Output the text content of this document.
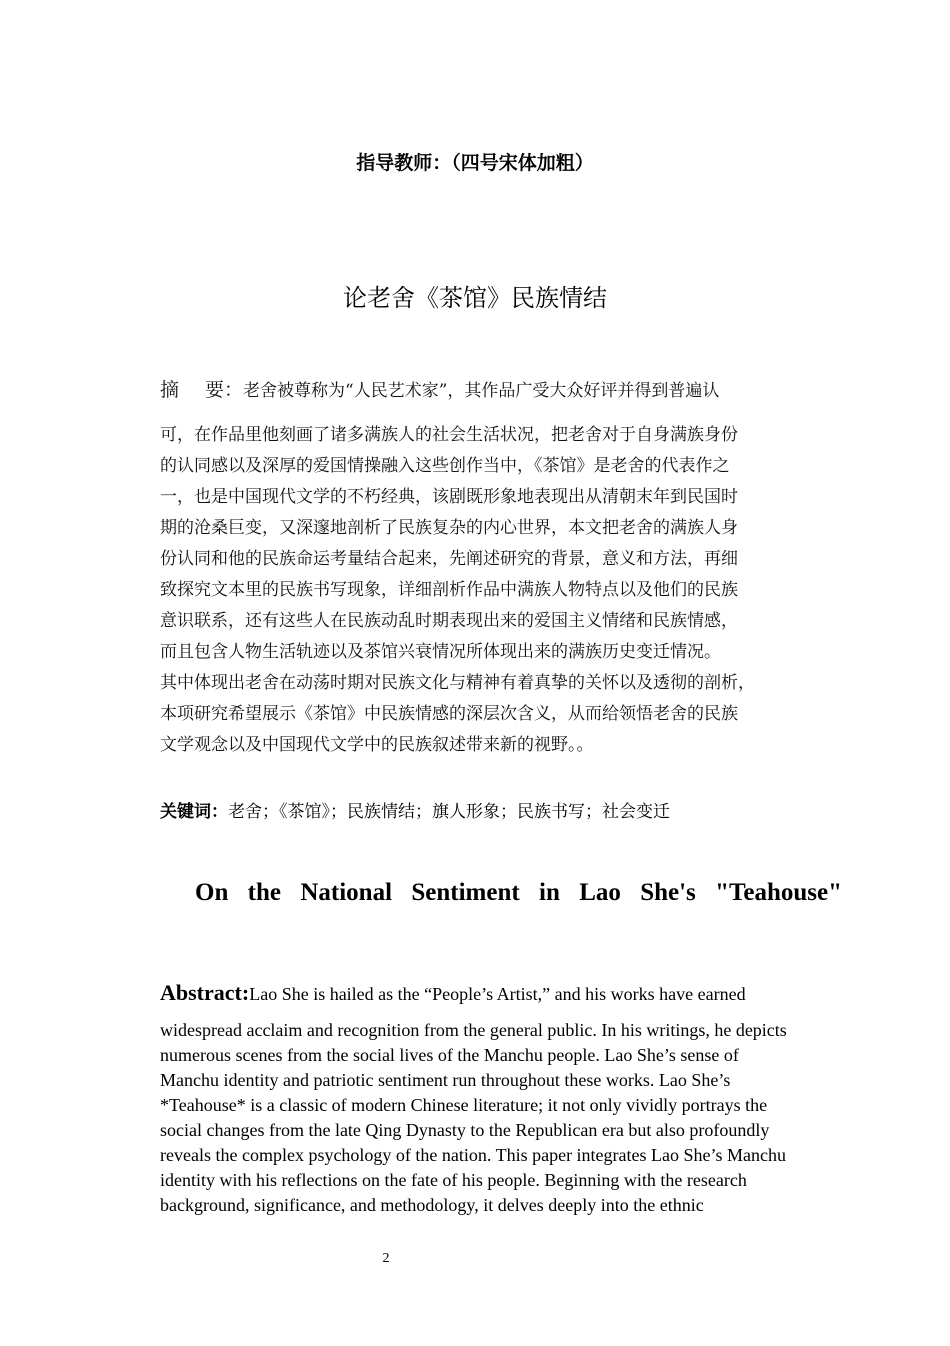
指导教师：（四号宋体加粗）
论老舍《茶馆》民族情结
摘 要：老舍被尊称为“人民艺术家”，其作品广受大众好评并得到普遍认
可，在作品里他刻画了诸多满族人的社会生活状况，把老舍对于自身满族身份
的认同感以及深厚的爱国情操融入这些创作当中，《茶馆》是老舍的代表作之
一，也是中国现代文学的不朽经典，该剧既形象地表现出从清朝末年到民国时
期的沧桑巨变，又深邃地剖析了民族复杂的内心世界，本文把老舍的满族人身
份认同和他的民族命运考量结合起来，先阐述研究的背景，意义和方法，再细
致探究文本里的民族书写现象，详细剖析作品中满族人物特点以及他们的民族
意识联系，还有这些人在民族动乱时期表现出来的爱国主义情绪和民族情感，
而且包含人物生活轨迹以及茶馆兴衰情况所体现出来的满族历史变迁情况。
其中体现出老舍在动荡时期对民族文化与精神有着真挚的关怀以及透彻的剖析，
本项研究希望展示《茶馆》中民族情感的深层次含义，从而给领悟老舍的民族
文学观念以及中国现代文学中的民族叙述带来新的视野。。
关键词：老舍；《茶馆》；民族情结；旗人形象；民族书写；社会变迁
On the National Sentiment in Lao She's "Teahouse"
Abstract:Lao She is hailed as the “People’s Artist,” and his works have earned
widespread acclaim and recognition from the general public. In his writings, he depicts
numerous scenes from the social lives of the Manchu people. Lao She’s sense of
Manchu identity and patriotic sentiment run throughout these works. Lao She’s
*Teahouse* is a classic of modern Chinese literature; it not only vividly portrays the
social changes from the late Qing Dynasty to the Republican era but also profoundly
reveals the complex psychology of the nation. This paper integrates Lao She’s Manchu
identity with his reflections on the fate of his people. Beginning with the research
background, significance, and methodology, it delves deeply into the ethnic
2
